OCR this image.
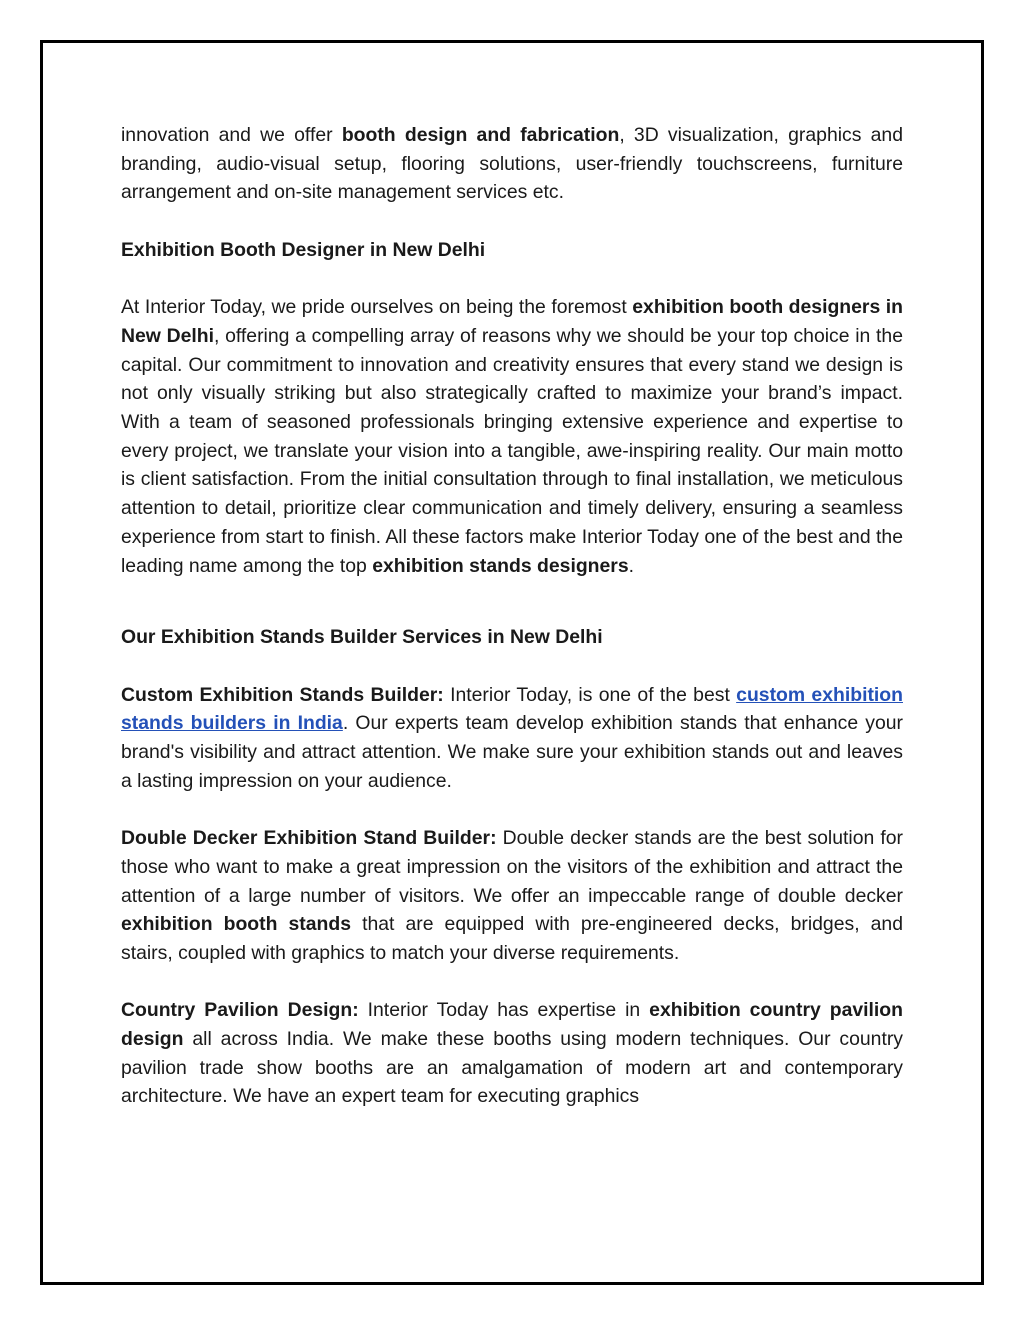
innovation and we offer booth design and fabrication, 3D visualization, graphics and branding, audio-visual setup, flooring solutions, user-friendly touchscreens, furniture arrangement and on-site management services etc.

Exhibition Booth Designer in New Delhi

At Interior Today, we pride ourselves on being the foremost exhibition booth designers in New Delhi, offering a compelling array of reasons why we should be your top choice in the capital. Our commitment to innovation and creativity ensures that every stand we design is not only visually striking but also strategically crafted to maximize your brand’s impact. With a team of seasoned professionals bringing extensive experience and expertise to every project, we translate your vision into a tangible, awe-inspiring reality. Our main motto is client satisfaction. From the initial consultation through to final installation, we meticulous attention to detail, prioritize clear communication and timely delivery, ensuring a seamless experience from start to finish. All these factors make Interior Today one of the best and the leading name among the top exhibition stands designers.

Our Exhibition Stands Builder Services in New Delhi

Custom Exhibition Stands Builder: Interior Today, is one of the best custom exhibition stands builders in India. Our experts team develop exhibition stands that enhance your brand's visibility and attract attention. We make sure your exhibition stands out and leaves a lasting impression on your audience.

Double Decker Exhibition Stand Builder: Double decker stands are the best solution for those who want to make a great impression on the visitors of the exhibition and attract the attention of a large number of visitors. We offer an impeccable range of double decker exhibition booth stands that are equipped with pre-engineered decks, bridges, and stairs, coupled with graphics to match your diverse requirements.

Country Pavilion Design: Interior Today has expertise in exhibition country pavilion design all across India. We make these booths using modern techniques. Our country pavilion trade show booths are an amalgamation of modern art and contemporary architecture. We have an expert team for executing graphics
